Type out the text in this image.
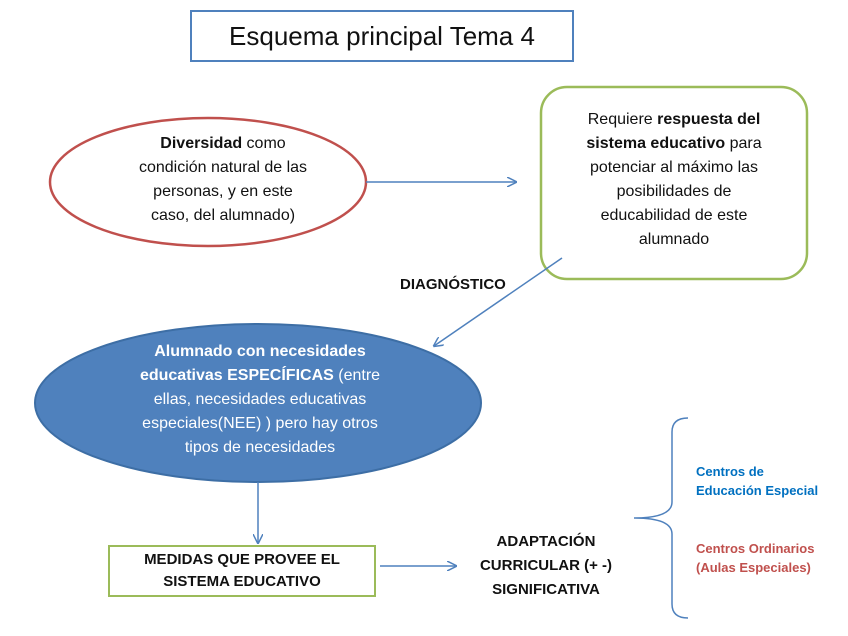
Esquema principal Tema 4
Diversidad como
condición natural de las
personas, y en este
caso, del alumnado)
Requiere respuesta del
sistema educativo para
potenciar al máximo las
posibilidades de
educabilidad de este
alumnado
DIAGNÓSTICO
Alumnado con necesidades
educativas ESPECÍFICAS (entre
ellas, necesidades educativas
especiales(NEE) ) pero hay otros
tipos de necesidades
MEDIDAS QUE PROVEE EL
SISTEMA EDUCATIVO
ADAPTACIÓN
CURRICULAR (+ -)
SIGNIFICATIVA
Centros de
Educación Especial
Centros Ordinarios
(Aulas Especiales)
